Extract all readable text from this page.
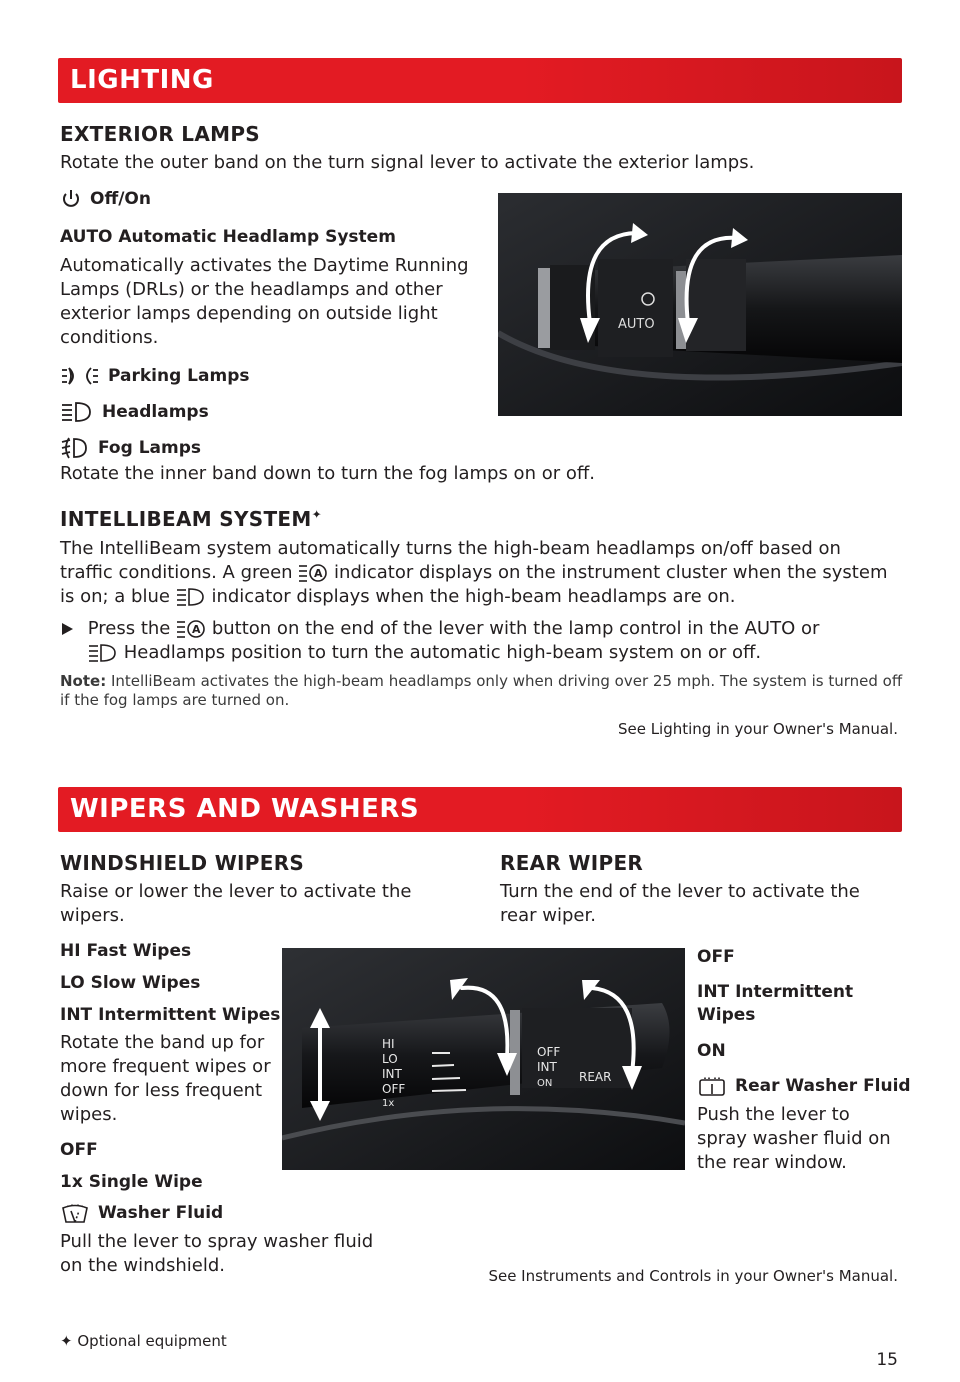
LIGHTING
EXTERIOR LAMPS
Rotate the outer band on the turn signal lever to activate the exterior lamps.
Off/On
AUTO Automatic Headlamp System
Automatically activates the Daytime Running Lamps (DRLs) or the headlamps and other exterior lamps depending on outside light conditions.
Parking Lamps
Headlamps
Fog Lamps
Rotate the inner band down to turn the fog lamps on or off.
AUTO
INTELLIBEAM SYSTEM✦
The IntelliBeam system automatically turns the high-beam headlamps on/off based on
traffic conditions. A green A indicator displays on the instrument cluster when the system
is on; a blue indicator displays when the high-beam headlamps are on.
Press the A button on the end of the lever with the lamp control in the AUTO or
Headlamps position to turn the automatic high-beam system on or off.
Note: IntelliBeam activates the high-beam headlamps only when driving over 25 mph. The system is turned off if the fog lamps are turned on.
See Lighting in your Owner's Manual.
WIPERS AND WASHERS
WINDSHIELD WIPERS
Raise or lower the lever to activate the wipers.
HI Fast Wipes
LO Slow Wipes
INT Intermittent Wipes
Rotate the band up for more frequent wipes or down for less frequent wipes.
OFF
1x Single Wipe
Washer Fluid
Pull the lever to spray washer fluid on the windshield.
REAR WIPER
Turn the end of the lever to activate the rear wiper.
OFF
INT Intermittent Wipes
ON
Rear Washer Fluid
Push the lever to spray washer fluid on the rear window.
HI
LO
INT
OFF
1x
OFF
INT
ON REAR
See Instruments and Controls in your Owner's Manual.
✦ Optional equipment
15
